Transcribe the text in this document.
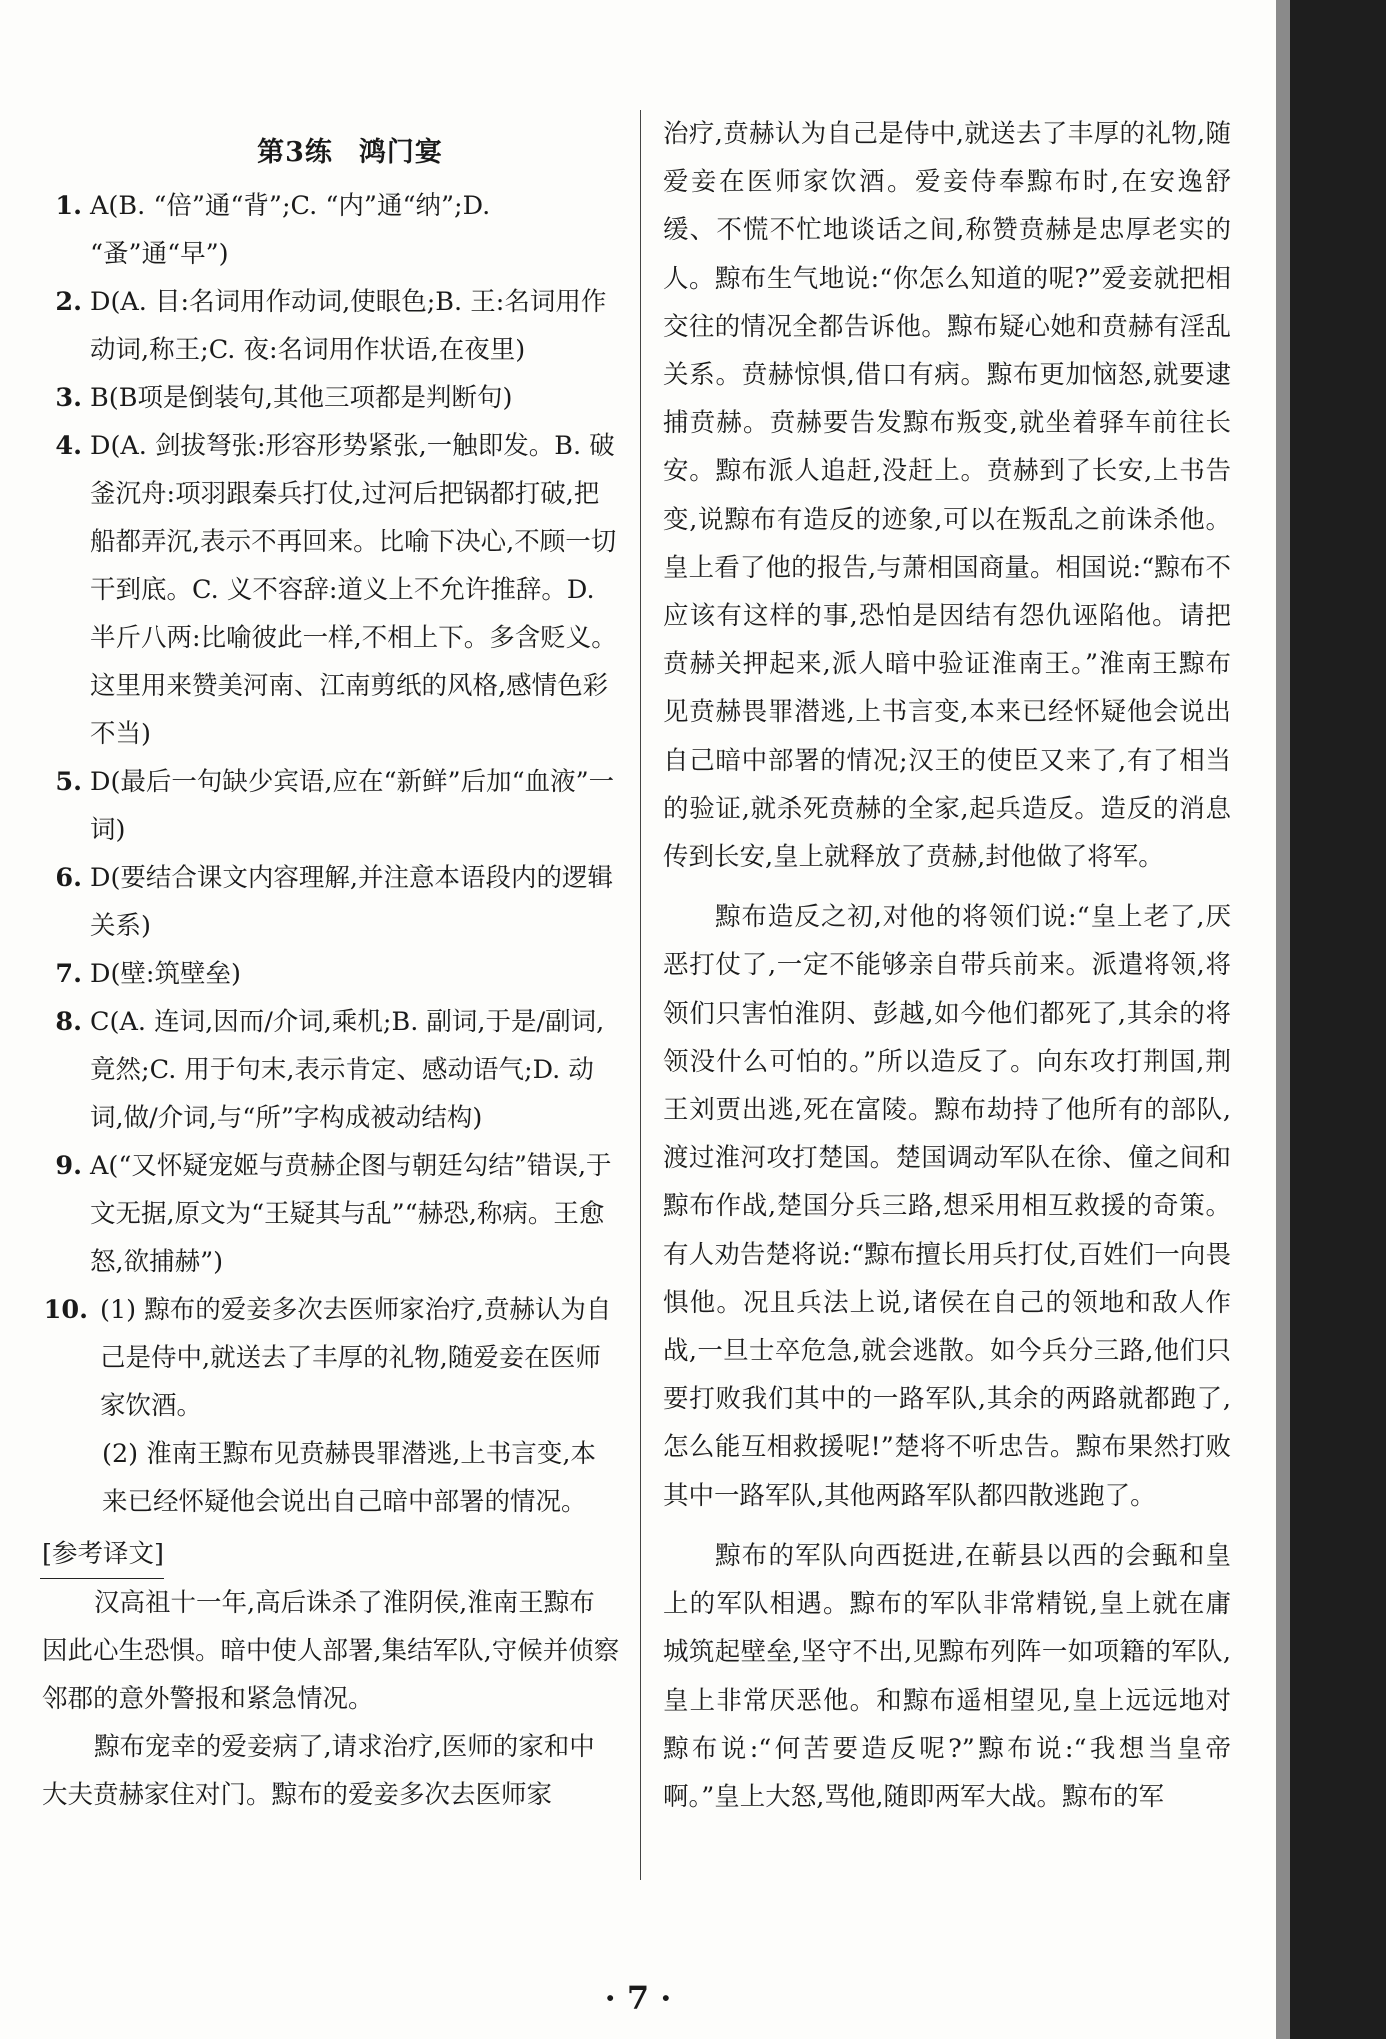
第3练 鸿门宴
1. A(B. “倍”通“背”;C. “内”通“纳”;D. “蚤”通“早”)
2. D(A. 目:名词用作动词,使眼色;B. 王:名词用作动词,称王;C. 夜:名词用作状语,在夜里)
3. B(B项是倒装句,其他三项都是判断句)
4. D(A. 剑拔弩张:形容形势紧张,一触即发。B. 破釜沉舟:项羽跟秦兵打仗,过河后把锅都打破,把船都弄沉,表示不再回来。比喻下决心,不顾一切干到底。C. 义不容辞:道义上不允许推辞。D. 半斤八两:比喻彼此一样,不相上下。多含贬义。这里用来赞美河南、江南剪纸的风格,感情色彩不当)
5. D(最后一句缺少宾语,应在“新鲜”后加“血液”一词)
6. D(要结合课文内容理解,并注意本语段内的逻辑关系)
7. D(壁:筑壁垒)
8. C(A. 连词,因而/介词,乘机;B. 副词,于是/副词,竟然;C. 用于句末,表示肯定、感动语气;D. 动词,做/介词,与“所”字构成被动结构)
9. A(“又怀疑宠姬与贲赫企图与朝廷勾结”错误,于文无据,原文为“王疑其与乱”“赫恐,称病。王愈怒,欲捕赫”)
10. (1) 黥布的爱妾多次去医师家治疗,贲赫认为自己是侍中,就送去了丰厚的礼物,随爱妾在医师家饮酒。
(2) 淮南王黥布见贲赫畏罪潜逃,上书言变,本来已经怀疑他会说出自己暗中部署的情况。
[参考译文]
汉高祖十一年,高后诛杀了淮阴侯,淮南王黥布因此心生恐惧。暗中使人部署,集结军队,守候并侦察邻郡的意外警报和紧急情况。
黥布宠幸的爱妾病了,请求治疗,医师的家和中大夫贲赫家住对门。黥布的爱妾多次去医师家

治疗,贲赫认为自己是侍中,就送去了丰厚的礼物,随爱妾在医师家饮酒。爱妾侍奉黥布时,在安逸舒缓、不慌不忙地谈话之间,称赞贲赫是忠厚老实的人。黥布生气地说:“你怎么知道的呢?”爱妾就把相交往的情况全都告诉他。黥布疑心她和贲赫有淫乱关系。贲赫惊惧,借口有病。黥布更加恼怒,就要逮捕贲赫。贲赫要告发黥布叛变,就坐着驿车前往长安。黥布派人追赶,没赶上。贲赫到了长安,上书告变,说黥布有造反的迹象,可以在叛乱之前诛杀他。皇上看了他的报告,与萧相国商量。相国说:“黥布不应该有这样的事,恐怕是因结有怨仇诬陷他。请把贲赫关押起来,派人暗中验证淮南王。”淮南王黥布见贲赫畏罪潜逃,上书言变,本来已经怀疑他会说出自己暗中部署的情况;汉王的使臣又来了,有了相当的验证,就杀死贲赫的全家,起兵造反。造反的消息传到长安,皇上就释放了贲赫,封他做了将军。

黥布造反之初,对他的将领们说:“皇上老了,厌恶打仗了,一定不能够亲自带兵前来。派遣将领,将领们只害怕淮阴、彭越,如今他们都死了,其余的将领没什么可怕的。”所以造反了。向东攻打荆国,荆王刘贾出逃,死在富陵。黥布劫持了他所有的部队,渡过淮河攻打楚国。楚国调动军队在徐、僮之间和黥布作战,楚国分兵三路,想采用相互救援的奇策。有人劝告楚将说:“黥布擅长用兵打仗,百姓们一向畏惧他。况且兵法上说,诸侯在自己的领地和敌人作战,一旦士卒危急,就会逃散。如今兵分三路,他们只要打败我们其中的一路军队,其余的两路就都跑了,怎么能互相救援呢!”楚将不听忠告。黥布果然打败其中一路军队,其他两路军队都四散逃跑了。

黥布的军队向西挺进,在蕲县以西的会甀和皇上的军队相遇。黥布的军队非常精锐,皇上就在庸城筑起壁垒,坚守不出,见黥布列阵一如项籍的军队,皇上非常厌恶他。和黥布遥相望见,皇上远远地对黥布说:“何苦要造反呢?”黥布说:“我想当皇帝啊。”皇上大怒,骂他,随即两军大战。黥布的军

· 7 ·
